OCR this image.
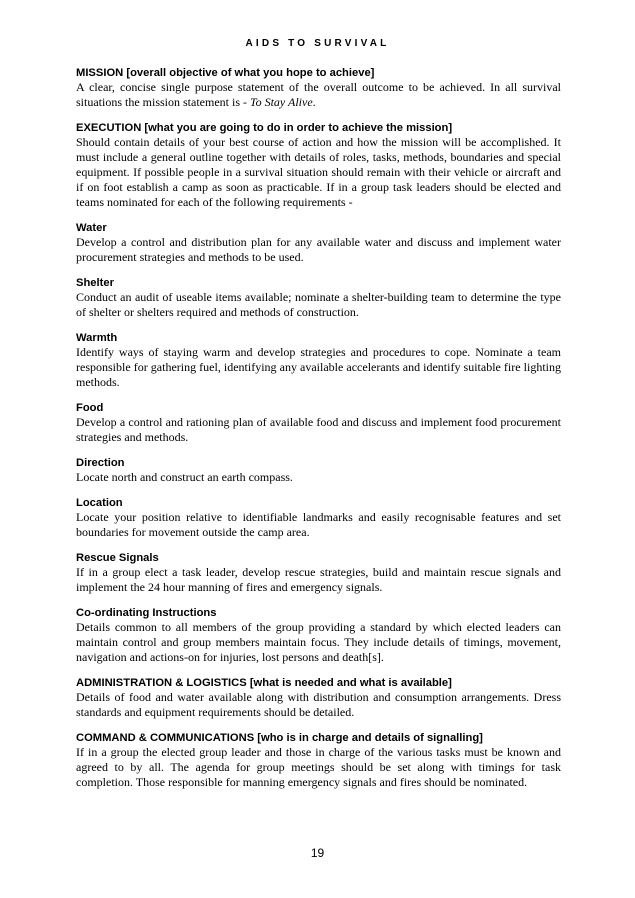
AIDS TO SURVIVAL

MISSION [overall objective of what you hope to achieve]

A clear, concise single purpose statement of the overall outcome to be achieved. In all survival situations the mission statement is - To Stay Alive.

EXECUTION [what you are going to do in order to achieve the mission]

Should contain details of your best course of action and how the mission will be accomplished. It must include a general outline together with details of roles, tasks, methods, boundaries and special equipment. If possible people in a survival situation should remain with their vehicle or aircraft and if on foot establish a camp as soon as practicable. If in a group task leaders should be elected and teams nominated for each of the following requirements -

Water

Develop a control and distribution plan for any available water and discuss and implement water procurement strategies and methods to be used.

Shelter

Conduct an audit of useable items available; nominate a shelter-building team to determine the type of shelter or shelters required and methods of construction.

Warmth

Identify ways of staying warm and develop strategies and procedures to cope. Nominate a team responsible for gathering fuel, identifying any available accelerants and identify suitable fire lighting methods.

Food

Develop a control and rationing plan of available food and discuss and implement food procurement strategies and methods.

Direction

Locate north and construct an earth compass.

Location

Locate your position relative to identifiable landmarks and easily recognisable features and set boundaries for movement outside the camp area.

Rescue Signals

If in a group elect a task leader, develop rescue strategies, build and maintain rescue signals and implement the 24 hour manning of fires and emergency signals.

Co-ordinating Instructions

Details common to all members of the group providing a standard by which elected leaders can maintain control and group members maintain focus. They include details of timings, movement, navigation and actions-on for injuries, lost persons and death[s].

ADMINISTRATION & LOGISTICS [what is needed and what is available]

Details of food and water available along with distribution and consumption arrangements. Dress standards and equipment requirements should be detailed.

COMMAND & COMMUNICATIONS [who is in charge and details of signalling]

If in a group the elected group leader and those in charge of the various tasks must be known and agreed to by all. The agenda for group meetings should be set along with timings for task completion. Those responsible for manning emergency signals and fires should be nominated.

19
